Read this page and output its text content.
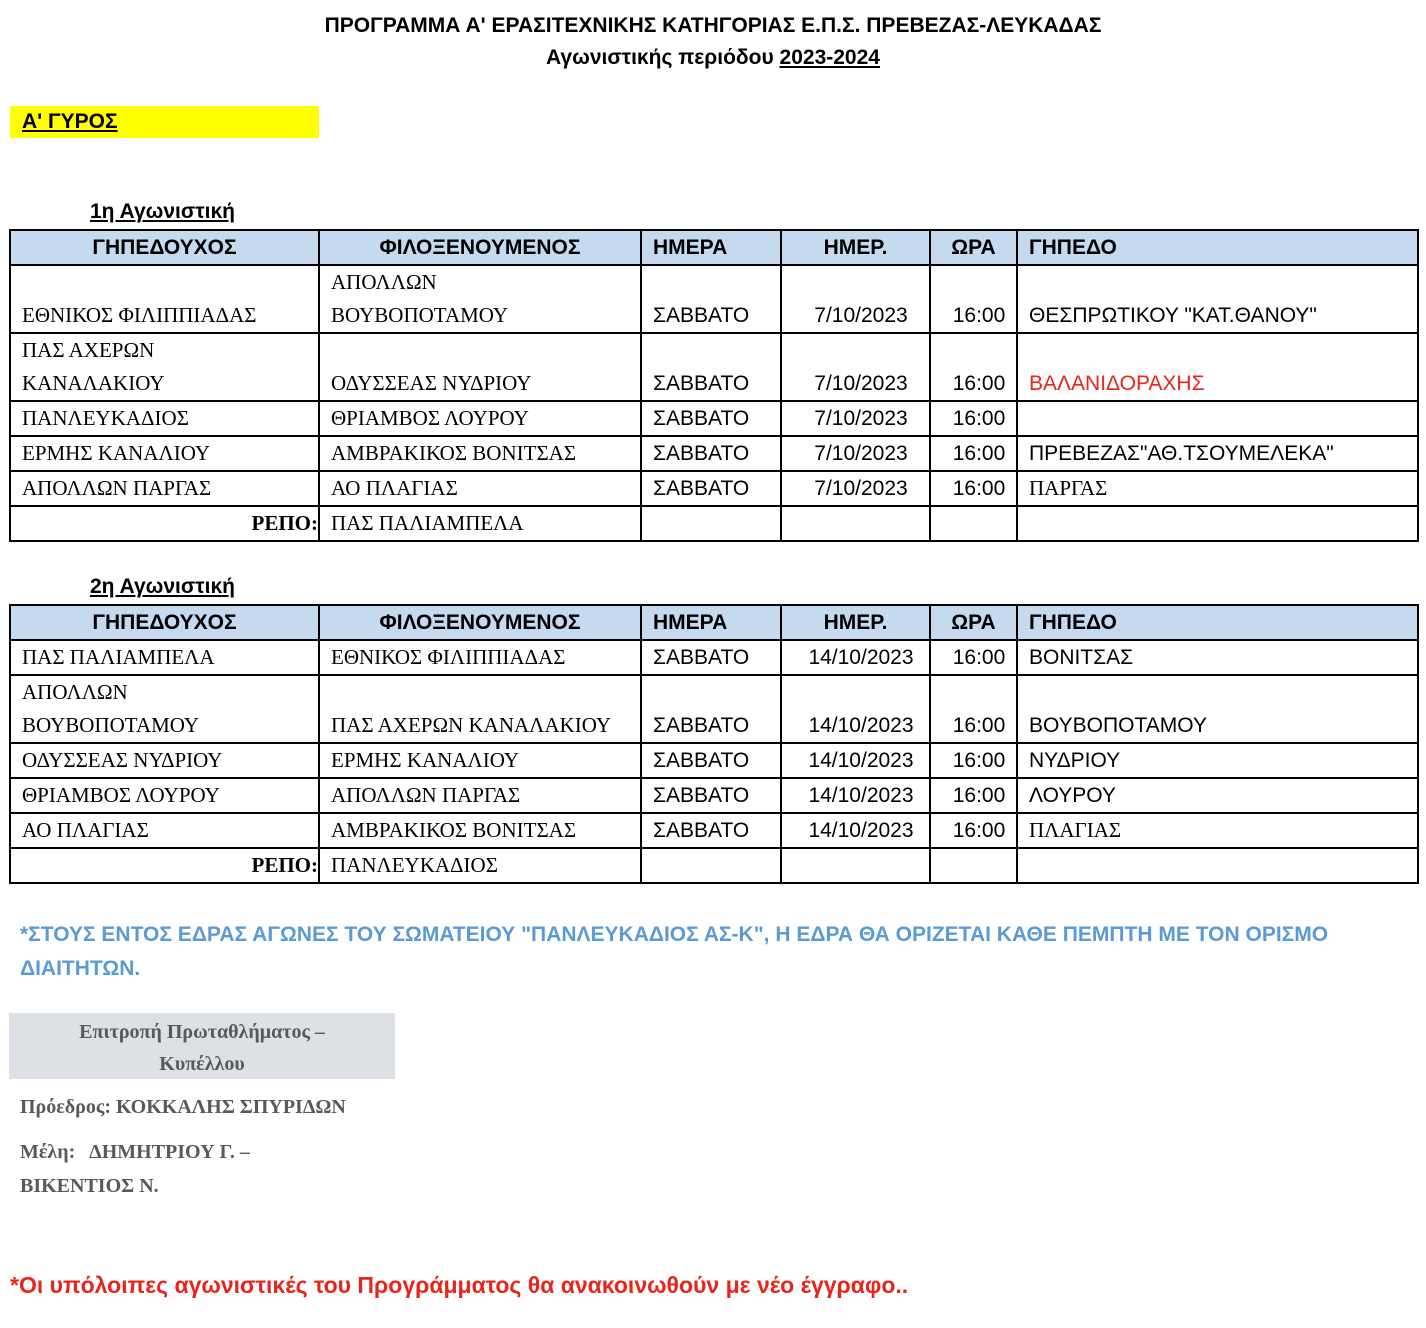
ΠΡΟΓΡΑΜΜΑ Α' ΕΡΑΣΙΤΕΧΝΙΚΗΣ ΚΑΤΗΓΟΡΙΑΣ Ε.Π.Σ. ΠΡΕΒΕΖΑΣ-ΛΕΥΚΑΔΑΣ
Αγωνιστικής περιόδου 2023-2024
Α' ΓΥΡΟΣ
1η Αγωνιστική
ΓΗΠΕΔΟΥΧΟΣ	ΦΙΛΟΞΕΝΟΥΜΕΝΟΣ	ΗΜΕΡΑ	ΗΜΕΡ.	ΩΡΑ	ΓΗΠΕΔΟ

ΕΘΝΙΚΟΣ ΦΙΛΙΠΠΙΑΔΑΣ	ΑΠΟΛΛΩΝ
ΒΟΥΒΟΠΟΤΑΜΟΥ	ΣΑΒΒΑΤΟ	7/10/2023	16:00	ΘΕΣΠΡΩΤΙΚΟΥ "ΚΑΤ.ΘΑΝΟΥ"

ΠΑΣ ΑΧΕΡΩΝ
ΚΑΝΑΛΑΚΙΟΥ	ΟΔΥΣΣΕΑΣ ΝΥΔΡΙΟΥ	ΣΑΒΒΑΤΟ	7/10/2023	16:00	ΒΑΛΑΝΙΔΟΡΑΧΗΣ
ΠΑΝΛΕΥΚΑΔΙΟΣ	ΘΡΙΑΜΒΟΣ ΛΟΥΡΟΥ	ΣΑΒΒΑΤΟ	7/10/2023	16:00	
ΕΡΜΗΣ ΚΑΝΑΛΙΟΥ	ΑΜΒΡΑΚΙΚΟΣ ΒΟΝΙΤΣΑΣ	ΣΑΒΒΑΤΟ	7/10/2023	16:00	ΠΡΕΒΕΖΑΣ"ΑΘ.ΤΣΟΥΜΕΛΕΚΑ"
ΑΠΟΛΛΩΝ ΠΑΡΓΑΣ	ΑΟ ΠΛΑΓΙΑΣ	ΣΑΒΒΑΤΟ	7/10/2023	16:00	ΠΑΡΓΑΣ
ΡΕΠΟ:	ΠΑΣ ΠΑΛΙΑΜΠΕΛΑ				
2η Αγωνιστική
ΓΗΠΕΔΟΥΧΟΣ	ΦΙΛΟΞΕΝΟΥΜΕΝΟΣ	ΗΜΕΡΑ	ΗΜΕΡ.	ΩΡΑ	ΓΗΠΕΔΟ
ΠΑΣ ΠΑΛΙΑΜΠΕΛΑ	ΕΘΝΙΚΟΣ ΦΙΛΙΠΠΙΑΔΑΣ	ΣΑΒΒΑΤΟ	14/10/2023	16:00	ΒΟΝΙΤΣΑΣ

ΑΠΟΛΛΩΝ
ΒΟΥΒΟΠΟΤΑΜΟΥ	ΠΑΣ ΑΧΕΡΩΝ ΚΑΝΑΛΑΚΙΟΥ	ΣΑΒΒΑΤΟ	14/10/2023	16:00	ΒΟΥΒΟΠΟΤΑΜΟΥ
ΟΔΥΣΣΕΑΣ ΝΥΔΡΙΟΥ	ΕΡΜΗΣ ΚΑΝΑΛΙΟΥ	ΣΑΒΒΑΤΟ	14/10/2023	16:00	ΝΥΔΡΙΟΥ
ΘΡΙΑΜΒΟΣ ΛΟΥΡΟΥ	ΑΠΟΛΛΩΝ ΠΑΡΓΑΣ	ΣΑΒΒΑΤΟ	14/10/2023	16:00	ΛΟΥΡΟΥ
ΑΟ ΠΛΑΓΙΑΣ	ΑΜΒΡΑΚΙΚΟΣ ΒΟΝΙΤΣΑΣ	ΣΑΒΒΑΤΟ	14/10/2023	16:00	ΠΛΑΓΙΑΣ
ΡΕΠΟ:	ΠΑΝΛΕΥΚΑΔΙΟΣ				
*ΣΤΟΥΣ ΕΝΤΟΣ ΕΔΡΑΣ ΑΓΩΝΕΣ ΤΟΥ ΣΩΜΑΤΕΙΟΥ "ΠΑΝΛΕΥΚΑΔΙΟΣ ΑΣ-Κ", Η ΕΔΡΑ ΘΑ ΟΡΙΖΕΤΑΙ ΚΑΘΕ ΠΕΜΠΤΗ ΜΕ ΤΟΝ ΟΡΙΣΜΟ ΔΙΑΙΤΗΤΩΝ.
Επιτροπή Πρωταθλήματος –
Κυπέλλου
Πρόεδρος: ΚΟΚΚΑΛΗΣ ΣΠΥΡΙΔΩΝ
Μέλη:   ΔΗΜΗΤΡΙΟΥ Γ. –
ΒΙΚΕΝΤΙΟΣ Ν.
*Οι υπόλοιπες αγωνιστικές του Προγράμματος θα ανακοινωθούν με νέο έγγραφο..
